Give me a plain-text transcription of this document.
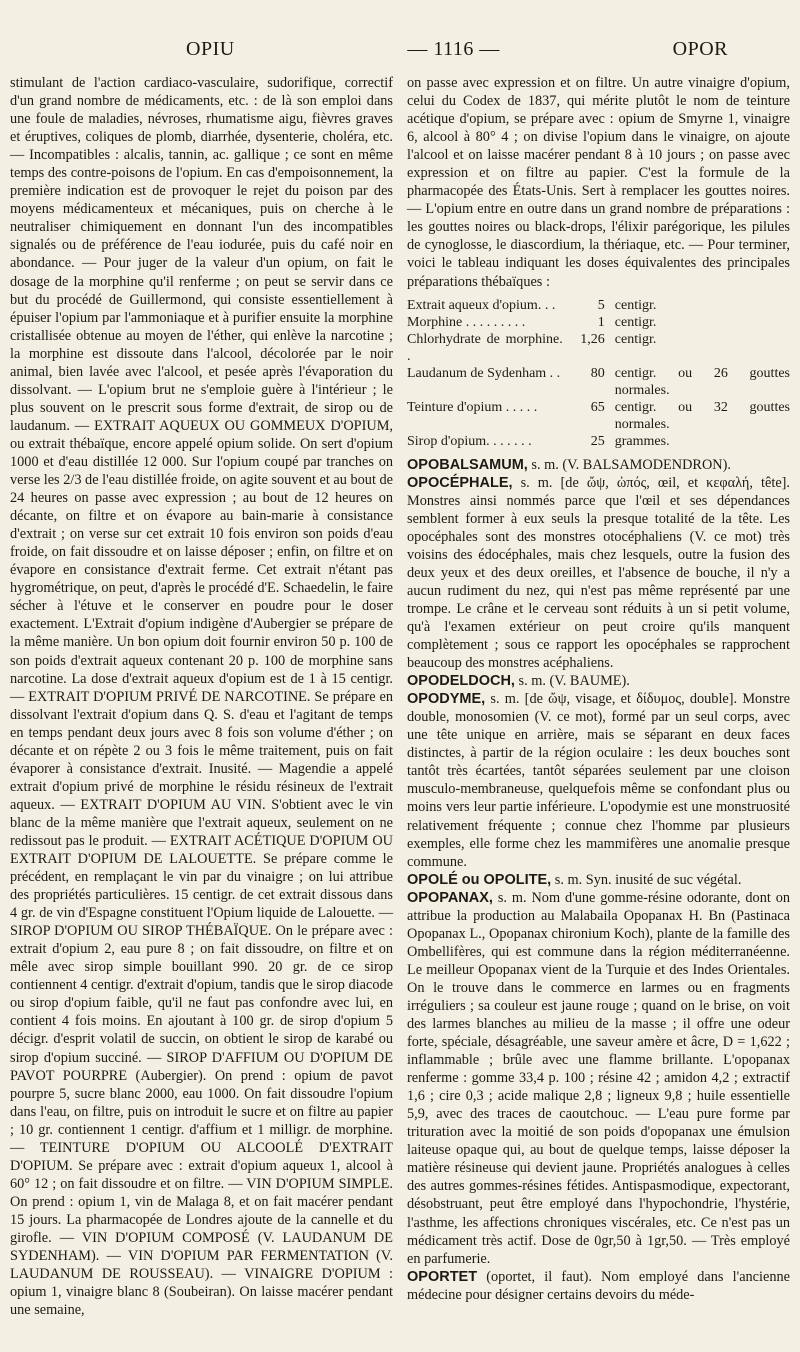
OPIU	— 1116 —	OPOR

stimulant de l'action cardiaco-vasculaire, sudorifique, correctif d'un grand nombre de médicaments, etc. : de là son emploi dans une foule de maladies, névroses, rhumatisme aigu, fièvres graves et éruptives, coliques de plomb, diarrhée, dysenterie, choléra, etc. — Incompatibles : alcalis, tannin, ac. gallique ; ce sont en même temps des contre-poisons de l'opium. En cas d'empoisonnement, la première indication est de provoquer le rejet du poison par des moyens médicamenteux et mécaniques, puis on cherche à le neutraliser chimiquement en donnant l'un des incompatibles signalés ou de préférence de l'eau iodurée, puis du café noir en abondance. — Pour juger de la valeur d'un opium, on fait le dosage de la morphine qu'il renferme ; on peut se servir dans ce but du procédé de Guillermond, qui consiste essentiellement à épuiser l'opium par l'ammoniaque et à purifier ensuite la morphine cristallisée obtenue au moyen de l'éther, qui enlève la narcotine ; la morphine est dissoute dans l'alcool, décolorée par le noir animal, bien lavée avec l'alcool, et pesée après l'évaporation du dissolvant. — L'opium brut ne s'emploie guère à l'intérieur ; le plus souvent on le prescrit sous forme d'extrait, de sirop ou de laudanum. — EXTRAIT AQUEUX OU GOMMEUX D'OPIUM, ou extrait thébaïque, encore appelé opium solide. On sert d'opium 1000 et d'eau distillée 12 000. Sur l'opium coupé par tranches on verse les 2/3 de l'eau distillée froide, on agite souvent et au bout de 24 heures on passe avec expression ; au bout de 12 heures on décante, on filtre et on évapore au bain-marie à consistance d'extrait ; on verse sur cet extrait 10 fois environ son poids d'eau froide, on fait dissoudre et on laisse déposer ; enfin, on filtre et on évapore en consistance d'extrait ferme. Cet extrait n'étant pas hygrométrique, on peut, d'après le procédé d'E. Schaedelin, le faire sécher à l'étuve et le conserver en poudre pour le doser exactement. L'Extrait d'opium indigène d'Aubergier se prépare de la même manière. Un bon opium doit fournir environ 50 p. 100 de son poids d'extrait aqueux contenant 20 p. 100 de morphine sans narcotine. La dose d'extrait aqueux d'opium est de 1 à 15 centigr. — EXTRAIT D'OPIUM PRIVÉ DE NARCOTINE. Se prépare en dissolvant l'extrait d'opium dans Q. S. d'eau et l'agitant de temps en temps pendant deux jours avec 8 fois son volume d'éther ; on décante et on répète 2 ou 3 fois le même traitement, puis on fait évaporer à consistance d'extrait. Inusité. — Magendie a appelé extrait d'opium privé de morphine le résidu résineux de l'extrait aqueux. — EXTRAIT D'OPIUM AU VIN. S'obtient avec le vin blanc de la même manière que l'extrait aqueux, seulement on ne redissout pas le produit. — EXTRAIT ACÉTIQUE D'OPIUM OU EXTRAIT D'OPIUM DE LALOUETTE. Se prépare comme le précédent, en remplaçant le vin par du vinaigre ; on lui attribue des propriétés particulières. 15 centigr. de cet extrait dissous dans 4 gr. de vin d'Espagne constituent l'Opium liquide de Lalouette. — SIROP D'OPIUM OU SIROP THÉBAÏQUE. On le prépare avec : extrait d'opium 2, eau pure 8 ; on fait dissoudre, on filtre et on mêle avec sirop simple bouillant 990. 20 gr. de ce sirop contiennent 4 centigr. d'extrait d'opium, tandis que le sirop diacode ou sirop d'opium faible, qu'il ne faut pas confondre avec lui, en contient 4 fois moins. En ajoutant à 100 gr. de sirop d'opium 5 décigr. d'esprit volatil de succin, on obtient le sirop de karabé ou sirop d'opium succiné. — SIROP D'AFFIUM OU D'OPIUM DE PAVOT POURPRE (Aubergier). On prend : opium de pavot pourpre 5, sucre blanc 2000, eau 1000. On fait dissoudre l'opium dans l'eau, on filtre, puis on introduit le sucre et on filtre au papier ; 10 gr. contiennent 1 centigr. d'affium et 1 milligr. de morphine. — TEINTURE D'OPIUM OU ALCOOLÉ D'EXTRAIT D'OPIUM. Se prépare avec : extrait d'opium aqueux 1, alcool à 60° 12 ; on fait dissoudre et on filtre. — VIN D'OPIUM SIMPLE. On prend : opium 1, vin de Malaga 8, et on fait macérer pendant 15 jours. La pharmacopée de Londres ajoute de la cannelle et du girofle. — VIN D'OPIUM COMPOSÉ (V. LAUDANUM DE SYDENHAM). — VIN D'OPIUM PAR FERMENTATION (V. LAUDANUM DE ROUSSEAU). — VINAIGRE D'OPIUM : opium 1, vinaigre blanc 8 (Soubeiran). On laisse macérer pendant une semaine,

on passe avec expression et on filtre. Un autre vinaigre d'opium, celui du Codex de 1837, qui mérite plutôt le nom de teinture acétique d'opium, se prépare avec : opium de Smyrne 1, vinaigre 6, alcool à 80° 4 ; on divise l'opium dans le vinaigre, on ajoute l'alcool et on laisse macérer pendant 8 à 10 jours ; on passe avec expression et on filtre au papier. C'est la formule de la pharmacopée des États-Unis. Sert à remplacer les gouttes noires. — L'opium entre en outre dans un grand nombre de préparations : les gouttes noires ou black-drops, l'élixir parégorique, les pilules de cynoglosse, le diascordium, la thériaque, etc. — Pour terminer, voici le tableau indiquant les doses équivalentes des principales préparations thébaïques :

Extrait aqueux d'opium. . .	5	centigr.
Morphine . . . . . . . . .	1	centigr.
Chlorhydrate de morphine. .	1,26	centigr.
Laudanum de Sydenham . .	80	centigr. ou 26 gouttes normales.
Teinture d'opium . . . . .	65	centigr. ou 32 gouttes normales.
Sirop d'opium. . . . . . .	25	grammes.

OPOBALSAMUM, s. m. (V. BALSAMODENDRON).

OPOCÉPHALE, s. m. [de ὤψ, ὠπός, œil, et κεφαλή, tête]. Monstres ainsi nommés parce que l'œil et ses dépendances semblent former à eux seuls la presque totalité de la tête. Les opocéphales sont des monstres otocéphaliens (V. ce mot) très voisins des édocéphales, mais chez lesquels, outre la fusion des deux yeux et des deux oreilles, et l'absence de bouche, il n'y a aucun rudiment du nez, qui n'est pas même représenté par une trompe. Le crâne et le cerveau sont réduits à un si petit volume, qu'à l'examen extérieur on peut croire qu'ils manquent complètement ; sous ce rapport les opocéphales se rapprochent beaucoup des monstres acéphaliens.

OPODELDOCH, s. m. (V. BAUME).

OPODYME, s. m. [de ὤψ, visage, et δίδυμος, double]. Monstre double, monosomien (V. ce mot), formé par un seul corps, avec une tête unique en arrière, mais se séparant en deux faces distinctes, à partir de la région oculaire : les deux bouches sont tantôt très écartées, tantôt séparées seulement par une cloison musculo-membraneuse, quelquefois même se confondant plus ou moins vers leur partie inférieure. L'opodymie est une monstruosité relativement fréquente ; connue chez l'homme par plusieurs exemples, elle forme chez les mammifères une anomalie presque commune.

OPOLÉ ou OPOLITE, s. m. Syn. inusité de suc végétal.

OPOPANAX, s. m. Nom d'une gomme-résine odorante, dont on attribue la production au Malabaila Opopanax H. Bn (Pastinaca Opopanax L., Opopanax chironium Koch), plante de la famille des Ombellifères, qui est commune dans la région méditerranéenne. Le meilleur Opopanax vient de la Turquie et des Indes Orientales. On le trouve dans le commerce en larmes ou en fragments irréguliers ; sa couleur est jaune rouge ; quand on le brise, on voit des larmes blanches au milieu de la masse ; il offre une odeur forte, spéciale, désagréable, une saveur amère et âcre, D = 1,622 ; inflammable ; brûle avec une flamme brillante. L'opopanax renferme : gomme 33,4 p. 100 ; résine 42 ; amidon 4,2 ; extractif 1,6 ; cire 0,3 ; acide malique 2,8 ; ligneux 9,8 ; huile essentielle 5,9, avec des traces de caoutchouc. — L'eau pure forme par trituration avec la moitié de son poids d'opopanax une émulsion laiteuse opaque qui, au bout de quelque temps, laisse déposer la matière résineuse qui devient jaune. Propriétés analogues à celles des autres gommes-résines fétides. Antispasmodique, expectorant, désobstruant, peut être employé dans l'hypochondrie, l'hystérie, l'asthme, les affections chroniques viscérales, etc. Ce n'est pas un médicament très actif. Dose de 0gr,50 à 1gr,50. — Très employé en parfumerie.

OPORTET (oportet, il faut). Nom employé dans l'ancienne médecine pour désigner certains devoirs du méde-
